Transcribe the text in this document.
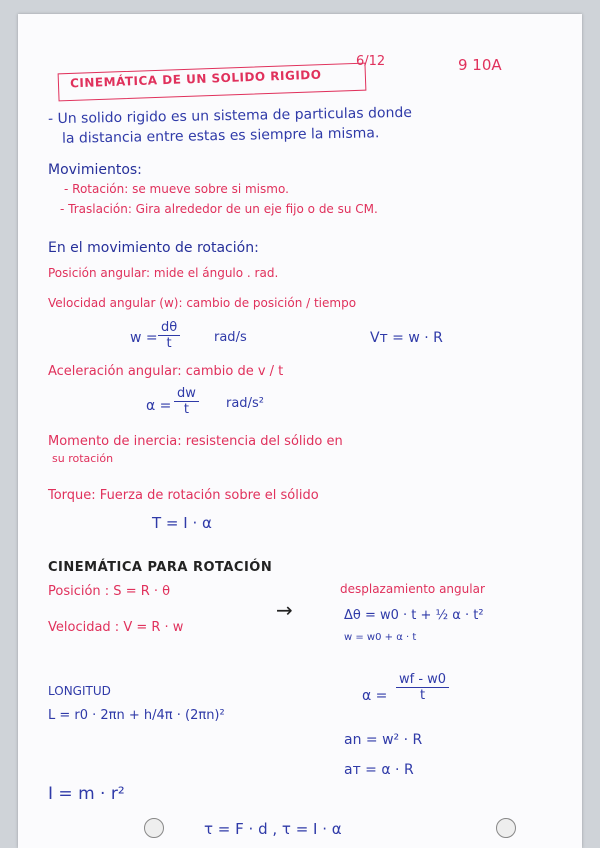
CINEMÁTICA DE UN SOLIDO RIGIDO
6/12	9 10A
- Un solido rigido es un sistema de particulas donde
la distancia entre estas es siempre la misma.
Movimientos:
- Rotación: se mueve sobre si mismo.
- Traslación: Gira alrededor de un eje fijo o de su CM.
En el movimiento de rotación:
Posición angular: mide el ángulo . rad.
Velocidad angular (w): cambio de posición / tiempo
$w = \frac{d\theta}{t}$	rad/s	Vт = w · R
Aceleración angular: cambio de v / t
$\alpha = \frac{dw}{t} rad/s^2$
Momento de inercia: resistencia del sólido en
su rotación
Torque: Fuerza de rotación sobre el sólido
T = I · α
CINEMÁTICA PARA ROTACIÓN
Posición : S = R · θ
Velocidad : V = R · w
→
desplazamiento angular
Δθ = w0 · t + ½ α · t²
w = w0 + α · t
$\alpha = \frac{wf - w0}{t}$
an = w² · R
aт = α · R
LONGITUD
L = r0 · 2πn + h/4π · (2πn)²
I = m · r²
τ = F · d , τ = I · α
